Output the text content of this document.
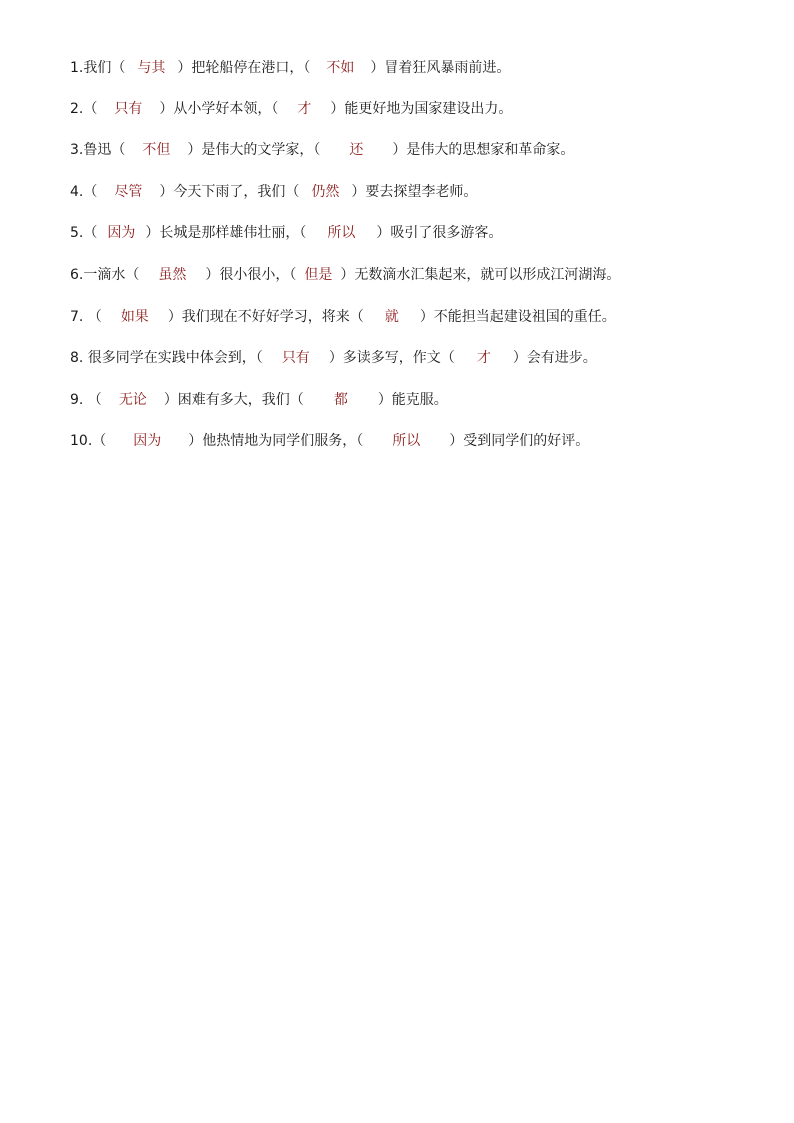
1.我们（ 与其 ）把轮船停在港口，（ 不如 ）冒着狂风暴雨前进。
2.（ 只有 ）从小学好本领，（ 才 ）能更好地为国家建设出力。
3.鲁迅（ 不但 ）是伟大的文学家，（ 还 ）是伟大的思想家和革命家。
4.（ 尽管 ）今天下雨了，我们（ 仍然 ）要去探望李老师。
5.（ 因为 ）长城是那样雄伟壮丽，（ 所以 ）吸引了很多游客。
6.一滴水（ 虽然 ）很小很小，（ 但是 ）无数滴水汇集起来，就可以形成江河湖海。
7. （ 如果 ）我们现在不好好学习，将来（ 就 ）不能担当起建设祖国的重任。
8. 很多同学在实践中体会到，（ 只有 ）多读多写，作文（ 才 ）会有进步。
9. （ 无论 ）困难有多大，我们（ 都 ）能克服。
10.（ 因为 ）他热情地为同学们服务，（ 所以 ）受到同学们的好评。
